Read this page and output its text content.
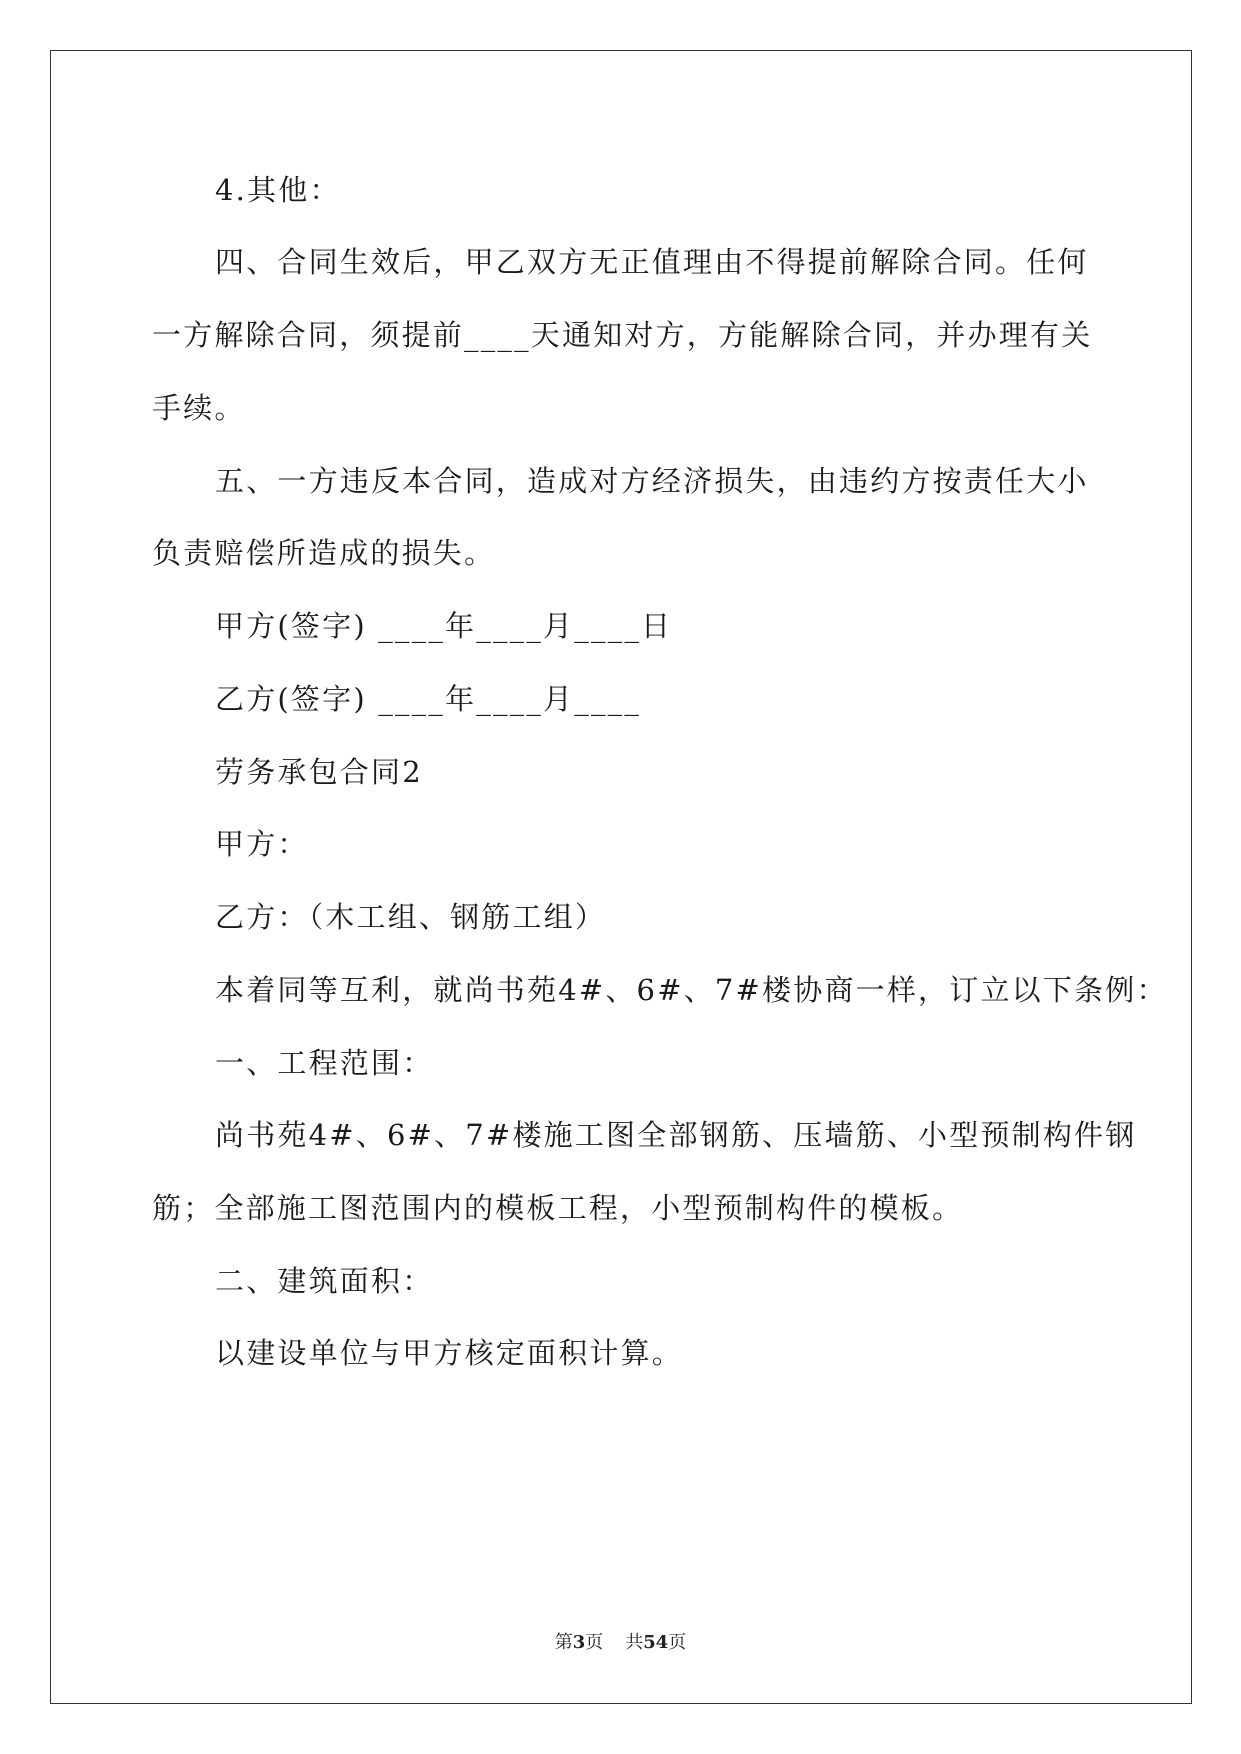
4.其他：
四、合同生效后，甲乙双方无正值理由不得提前解除合同。任何
一方解除合同，须提前____天通知对方，方能解除合同，并办理有关
手续。
五、一方违反本合同，造成对方经济损失，由违约方按责任大小
负责赔偿所造成的损失。
甲方(签字) ____年____月____日
乙方(签字) ____年____月____
劳务承包合同2
甲方：
乙方：（木工组、钢筋工组）
本着同等互利，就尚书苑4#、6#、7#楼协商一样，订立以下条例：
一、工程范围：
尚书苑4#、6#、7#楼施工图全部钢筋、压墙筋、小型预制构件钢
筋；全部施工图范围内的模板工程，小型预制构件的模板。
二、建筑面积：
以建设单位与甲方核定面积计算。
第3页 共54页
